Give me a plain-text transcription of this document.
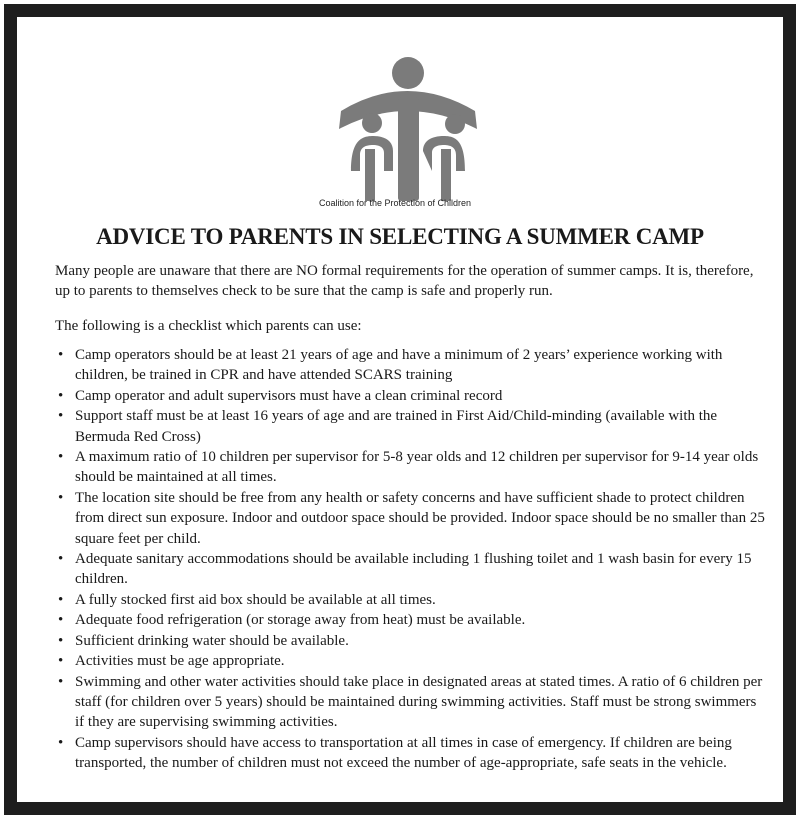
Coalition for the Protection of Children
ADVICE TO PARENTS IN SELECTING A SUMMER CAMP

Many people are unaware that there are NO formal requirements for the operation of summer camps. It is, therefore, up to parents to themselves check to be sure that the camp is safe and properly run.

The following is a checklist which parents can use:

• Camp operators should be at least 21 years of age and have a minimum of 2 years’ experience working with children, be trained in CPR and have attended SCARS training
• Camp operator and adult supervisors must have a clean criminal record
• Support staff must be at least 16 years of age and are trained in First Aid/Child-minding (available with the Bermuda Red Cross)
• A maximum ratio of 10 children per supervisor for 5-8 year olds and 12 children per supervisor for 9-14 year olds should be maintained at all times.
• The location site should be free from any health or safety concerns and have sufficient shade to protect children from direct sun exposure. Indoor and outdoor space should be provided. Indoor space should be no smaller than 25 square feet per child.
• Adequate sanitary accommodations should be available including 1 flushing toilet and 1 wash basin for every 15 children.
• A fully stocked first aid box should be available at all times.
• Adequate food refrigeration (or storage away from heat) must be available.
• Sufficient drinking water should be available.
• Activities must be age appropriate.
• Swimming and other water activities should take place in designated areas at stated times. A ratio of 6 children per staff (for children over 5 years) should be maintained during swimming activities. Staff must be strong swimmers if they are supervising swimming activities.
• Camp supervisors should have access to transportation at all times in case of emergency. If children are being transported, the number of children must not exceed the number of age-appropriate, safe seats in the vehicle.
